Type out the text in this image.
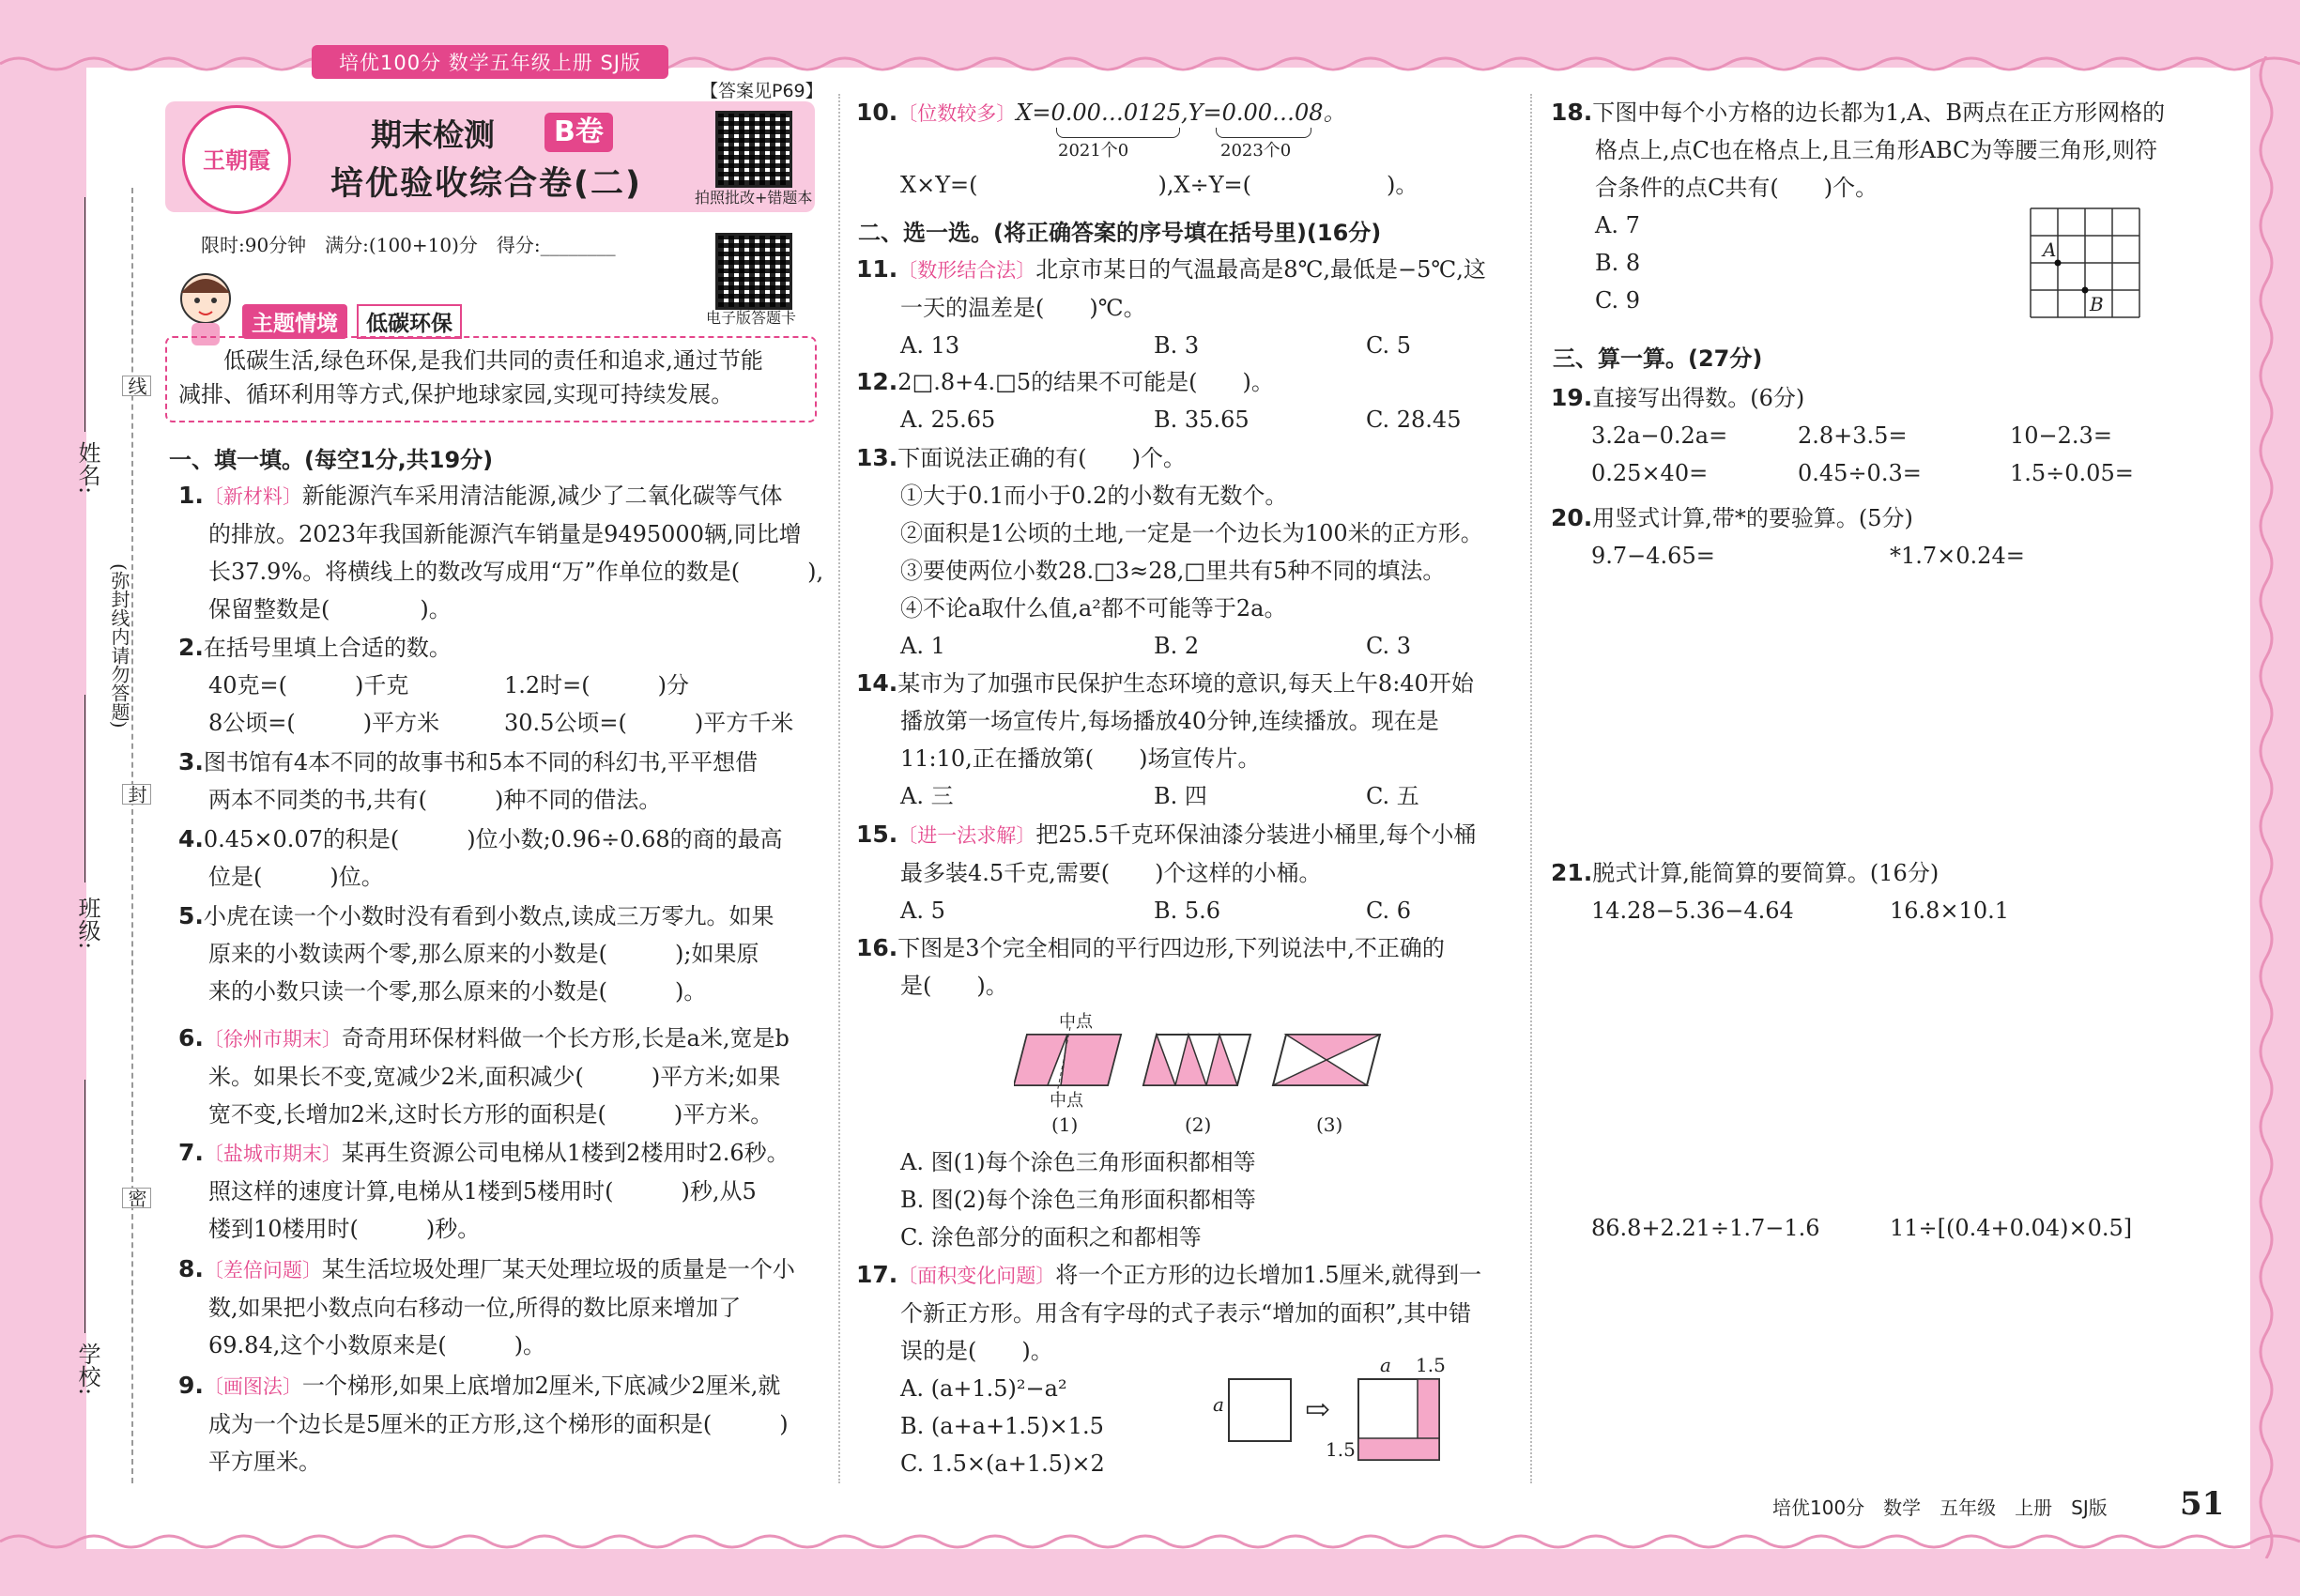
培优100分 数学五年级上册 SJ版
姓名:
班级:
学校:
(弥封线内请勿答题)
线
封
密
王朝霞
期末检测	B卷
培优验收综合卷(二)
【答案见P69】
拍照批改+错题本
电子版答题卡
限时:90分钟　满分:(100+10)分　得分:________
主题情境	低碳环保
低碳生活,绿色环保,是我们共同的责任和追求,通过节能
减排、循环利用等方式,保护地球家园,实现可持续发展。
一、填一填。(每空1分,共19分)
1.〔新材料〕新能源汽车采用清洁能源,减少了二氧化碳等气体
的排放。2023年我国新能源汽车销量是9495000辆,同比增
长37.9%。将横线上的数改写成用“万”作单位的数是(　　　),
保留整数是(　　　　)。
2.在括号里填上合适的数。
40克=(　　　)千克	1.2时=(　　　)分
8公顷=(　　　)平方米	30.5公顷=(　　　)平方千米
3.图书馆有4本不同的故事书和5本不同的科幻书,平平想借
两本不同类的书,共有(　　　)种不同的借法。
4.0.45×0.07的积是(　　　)位小数;0.96÷0.68的商的最高
位是(　　　)位。
5.小虎在读一个小数时没有看到小数点,读成三万零九。如果
原来的小数读两个零,那么原来的小数是(　　　);如果原
来的小数只读一个零,那么原来的小数是(　　　)。
6.〔徐州市期末〕奇奇用环保材料做一个长方形,长是a米,宽是b
米。如果长不变,宽减少2米,面积减少(　　　)平方米;如果
宽不变,长增加2米,这时长方形的面积是(　　　)平方米。
7.〔盐城市期末〕某再生资源公司电梯从1楼到2楼用时2.6秒。
照这样的速度计算,电梯从1楼到5楼用时(　　　)秒,从5
楼到10楼用时(　　　)秒。
8.〔差倍问题〕某生活垃圾处理厂某天处理垃圾的质量是一个小
数,如果把小数点向右移动一位,所得的数比原来增加了
69.84,这个小数原来是(　　　)。
9.〔画图法〕一个梯形,如果上底增加2厘米,下底减少2厘米,就
成为一个边长是5厘米的正方形,这个梯形的面积是(　　　)
平方厘米。
10.〔位数较多〕X=0.00…0125,Y=0.00…08。
2021个0	2023个0
X×Y=(　　　　　　　　),X÷Y=(　　　　　　)。
二、选一选。(将正确答案的序号填在括号里)(16分)
11.〔数形结合法〕北京市某日的气温最高是8℃,最低是−5℃,这
一天的温差是(　　)℃。
A. 13	B. 3	C. 5
12.2□.8+4.□5的结果不可能是(　　)。
A. 25.65	B. 35.65	C. 28.45
13.下面说法正确的有(　　)个。
①大于0.1而小于0.2的小数有无数个。
②面积是1公顷的土地,一定是一个边长为100米的正方形。
③要使两位小数28.□3≈28,□里共有5种不同的填法。
④不论a取什么值,a²都不可能等于2a。
A. 1	B. 2	C. 3
14.某市为了加强市民保护生态环境的意识,每天上午8:40开始
播放第一场宣传片,每场播放40分钟,连续播放。现在是
11:10,正在播放第(　　)场宣传片。
A. 三	B. 四	C. 五
15.〔进一法求解〕把25.5千克环保油漆分装进小桶里,每个小桶
最多装4.5千克,需要(　　)个这样的小桶。
A. 5	B. 5.6	C. 6
16.下图是3个完全相同的平行四边形,下列说法中,不正确的
是(　　)。
中点
中点
(1)	(2)	(3)
A. 图(1)每个涂色三角形面积都相等
B. 图(2)每个涂色三角形面积都相等
C. 涂色部分的面积之和都相等
17.〔面积变化问题〕将一个正方形的边长增加1.5厘米,就得到一
个新正方形。用含有字母的式子表示“增加的面积”,其中错
误的是(　　)。
A. (a+1.5)²−a²
B. (a+a+1.5)×1.5
C. 1.5×(a+1.5)×2
a	⇨
a 1.5
1.5
18.下图中每个小方格的边长都为1,A、B两点在正方形网格的
格点上,点C也在格点上,且三角形ABC为等腰三角形,则符
合条件的点C共有(　　)个。
A. 7
B. 8
C. 9
A
B
三、算一算。(27分)
19.直接写出得数。(6分)
3.2a−0.2a=	2.8+3.5=	10−2.3=
0.25×40=	0.45÷0.3=	1.5÷0.05=
20.用竖式计算,带*的要验算。(5分)
9.7−4.65=	*1.7×0.24=
21.脱式计算,能简算的要简算。(16分)
14.28−5.36−4.64	16.8×10.1
86.8+2.21÷1.7−1.6	11÷[(0.4+0.04)×0.5]
培优100分　数学　五年级　上册　SJ版 51
